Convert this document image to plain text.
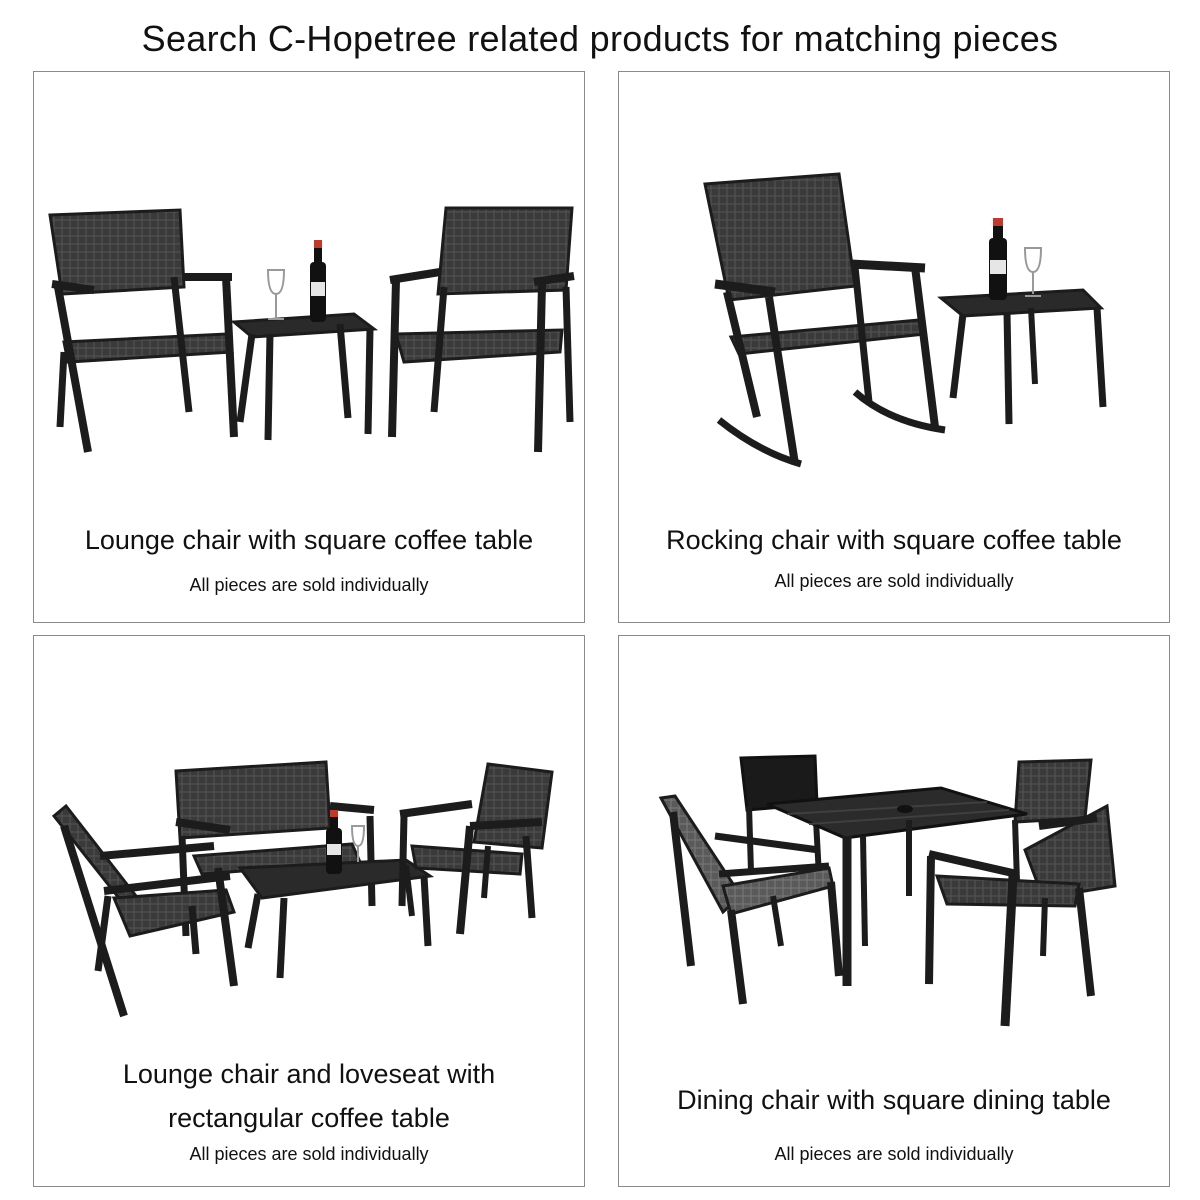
Search C-Hopetree related products for matching pieces
Lounge chair with square coffee table
All pieces are sold individually
Rocking chair with square coffee table
All pieces are sold individually
Lounge chair and loveseat with
rectangular coffee table
All pieces are sold individually
Dining chair with square dining table
All pieces are sold individually
